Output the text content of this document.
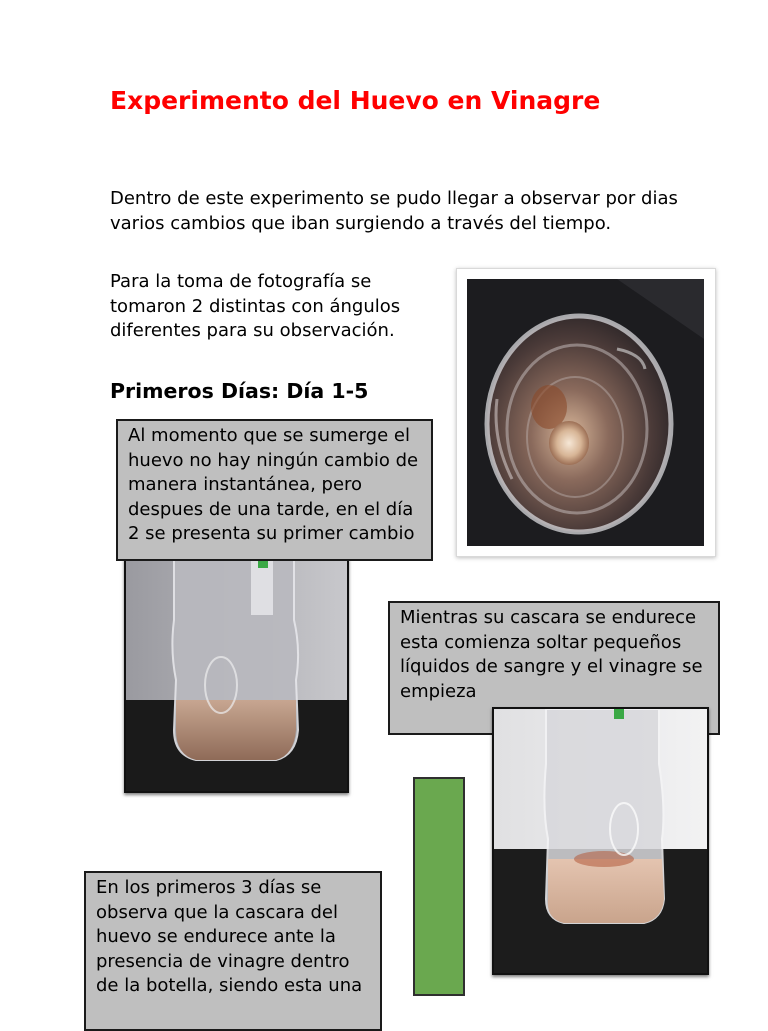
Experimento del Huevo en Vinagre
Dentro de este experimento se pudo llegar a observar por dias varios cambios que iban surgiendo a través del tiempo.
Para la toma de fotografía se tomaron 2 distintas con ángulos diferentes para su observación.
Primeros Días: Día 1-5
Al momento que se sumerge el huevo no hay ningún cambio de manera instantánea, pero despues de una tarde, en el día 2 se presenta su primer cambio
Mientras su cascara se endurece esta comienza soltar pequeños líquidos de sangre y el vinagre se empieza
En los primeros 3 días se observa que la cascara del huevo se endurece ante la presencia de vinagre dentro de la botella, siendo esta una
